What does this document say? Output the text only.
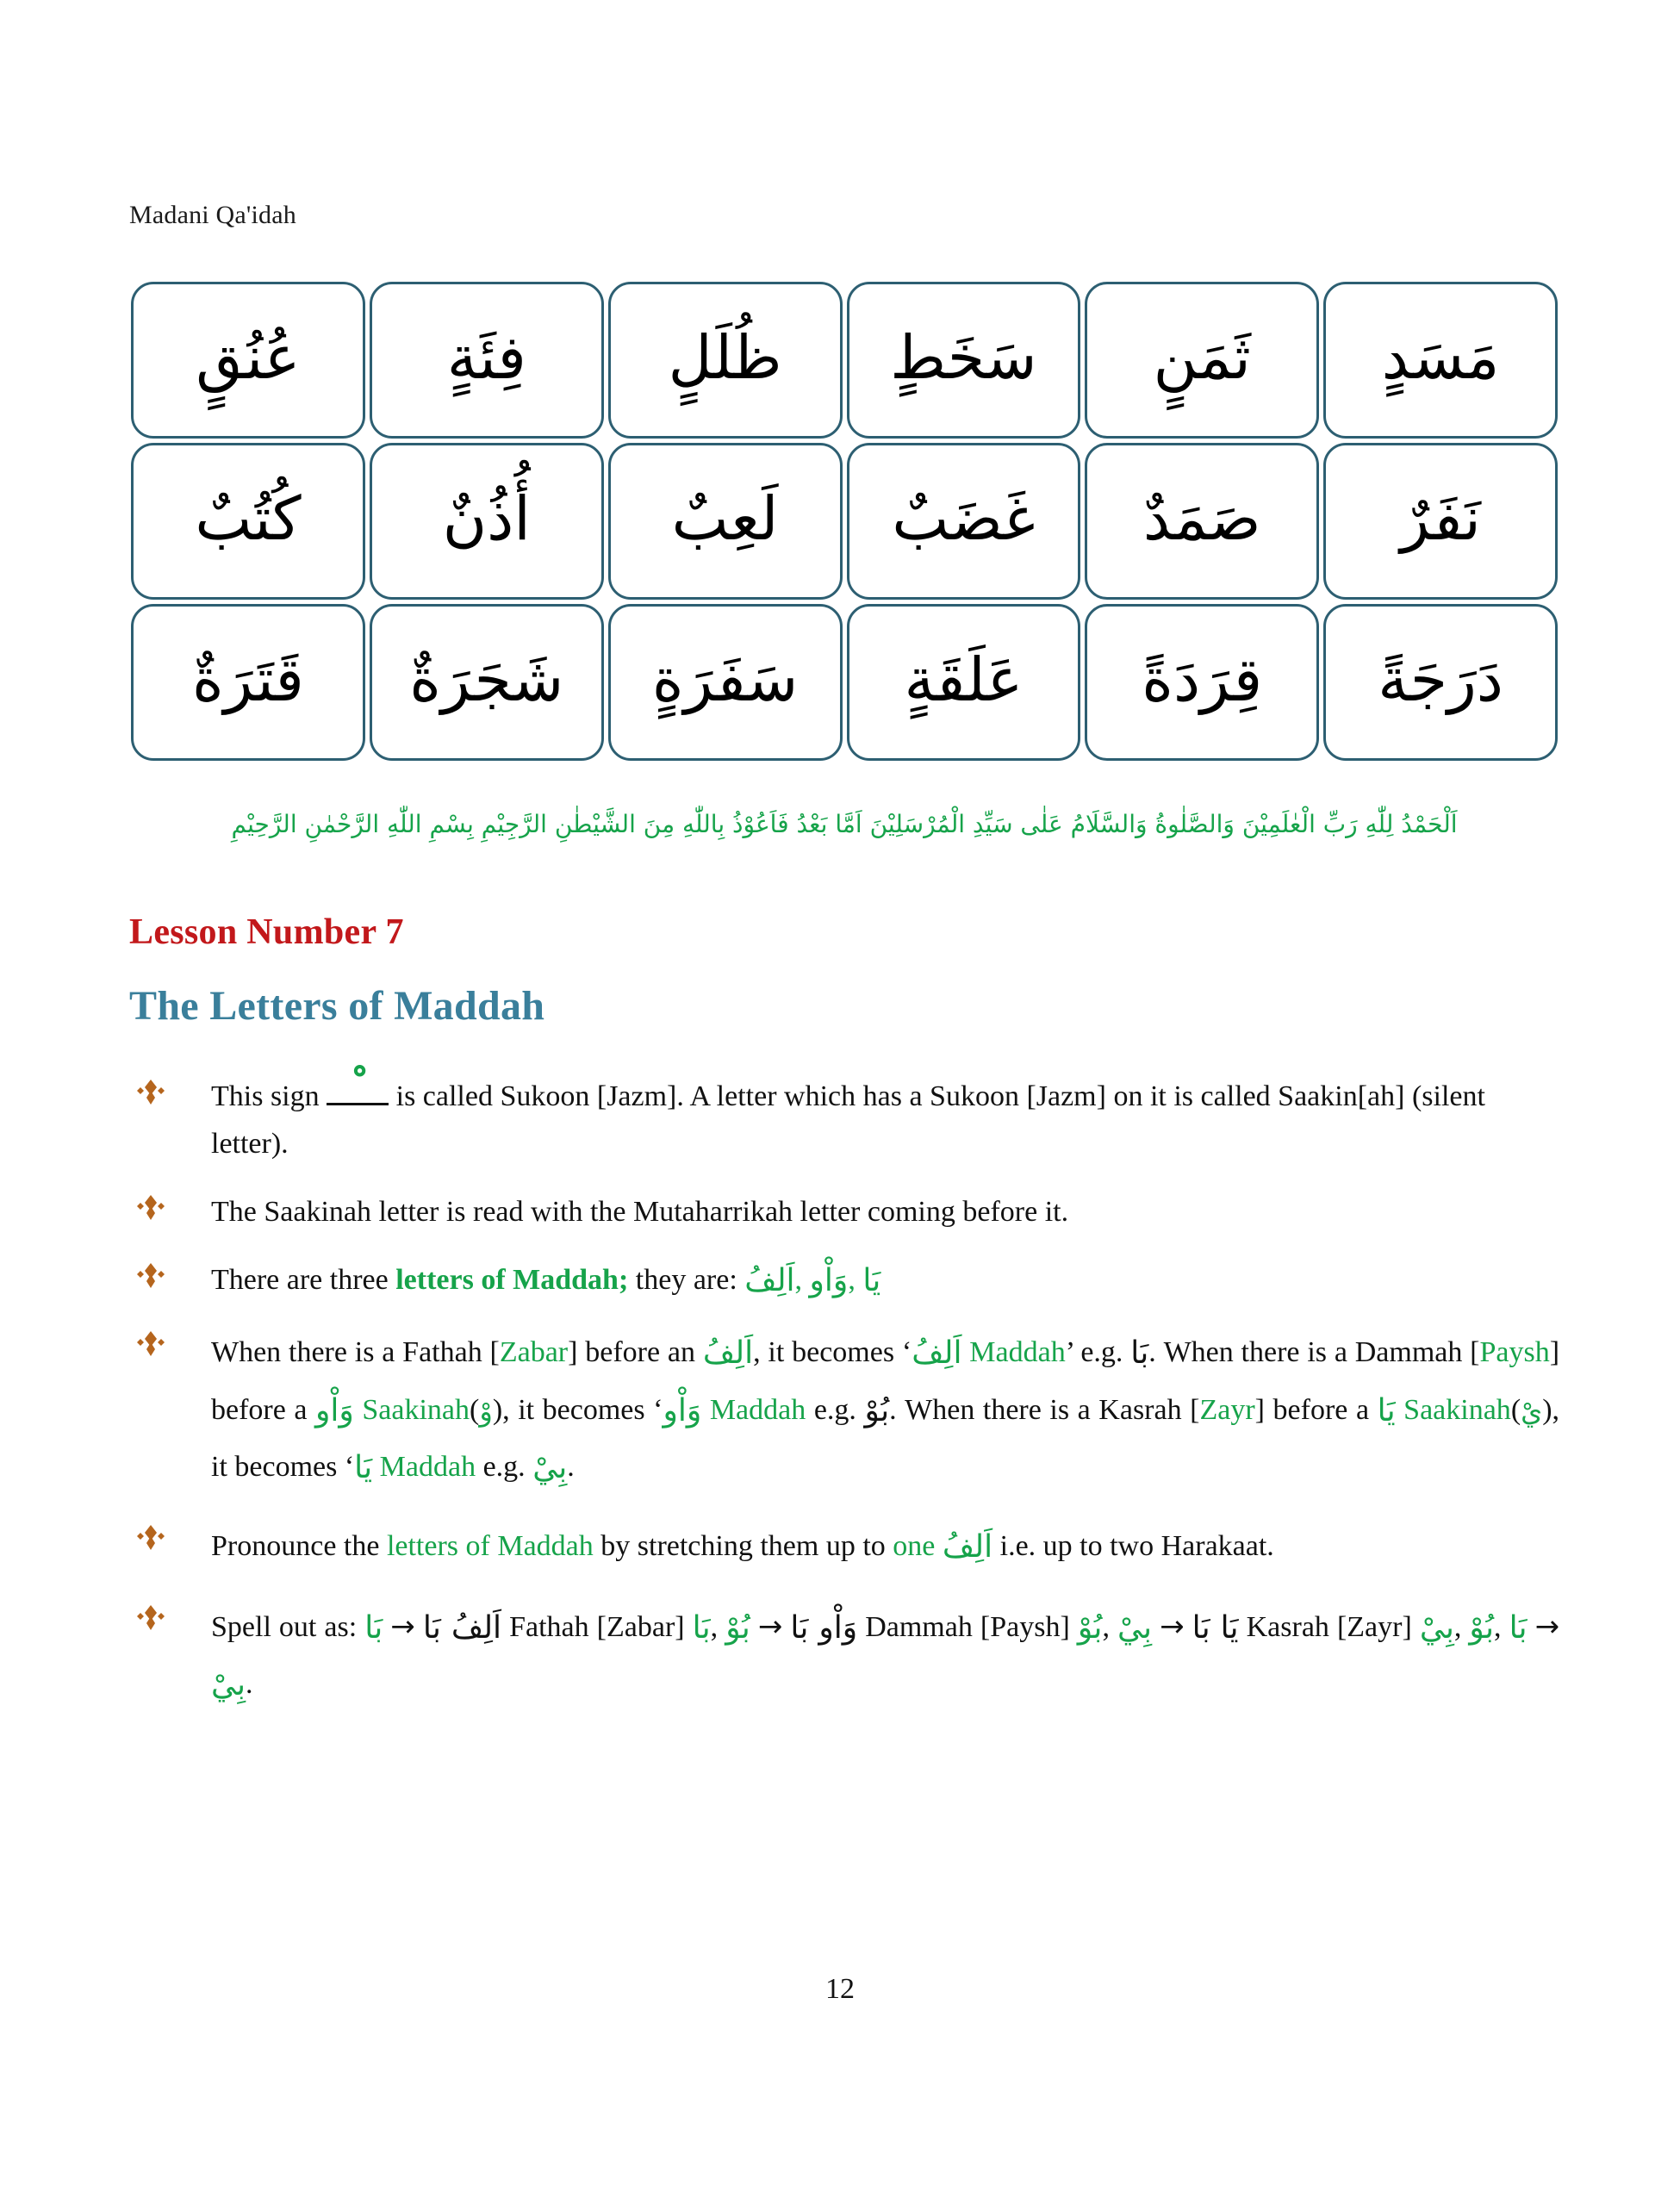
Madani Qa'idah
مَسَدٍ
ثَمَنٍ
سَخَطٍ
ظُلَلٍ
فِئَةٍ
عُنُقٍ
نَفَرٌ
صَمَدٌ
غَضَبٌ
لَعِبٌ
أُذُنٌ
كُتُبٌ
دَرَجَةً
قِرَدَةً
عَلَقَةٍ
سَفَرَةٍ
شَجَرَةٌ
قَتَرَةٌ
اَلْحَمْدُ لِلّٰهِ رَبِّ الْعٰلَمِيْنَ وَالصَّلٰوةُ وَالسَّلَامُ عَلٰى سَيِّدِ الْمُرْسَلِيْنَ اَمَّا بَعْدُ فَاَعُوْذُ بِاللّٰهِ مِنَ الشَّيْطٰنِ الرَّجِيْمِ بِسْمِ اللّٰهِ الرَّحْمٰنِ الرَّحِيْمِ
Lesson Number 7
The Letters of Maddah
This sign	is called Sukoon [Jazm]. A letter which has a Sukoon [Jazm] on it is called Saakin[ah] (silent letter).
The Saakinah letter is read with the Mutaharrikah letter coming before it.
There are three letters of Maddah; they are: اَلِفُ, وَاْو, يَا
When there is a Fathah [Zabar] before an اَلِفُ, it becomes ‘اَلِفُ Maddah’ e.g. بَا. When there is a Dammah [Paysh] before a وَاْو Saakinah(وْ), it becomes ‘وَاْو Maddah e.g. بُوْ. When there is a Kasrah [Zayr] before a يَا Saakinah(يْ), it becomes ‘يَا Maddah e.g. بِيْ.
Pronounce the letters of Maddah by stretching them up to one اَلِفُ i.e. up to two Harakaat.
Spell out as: بَا → اَلِفُ بَا Fathah [Zabar] بَا, بُوْ → وَاْو بَا Dammah [Paysh] بُوْ, بِيْ → يَا بَا Kasrah [Zayr] بِيْ, بُوْ, بَا → بِيْ.
12
